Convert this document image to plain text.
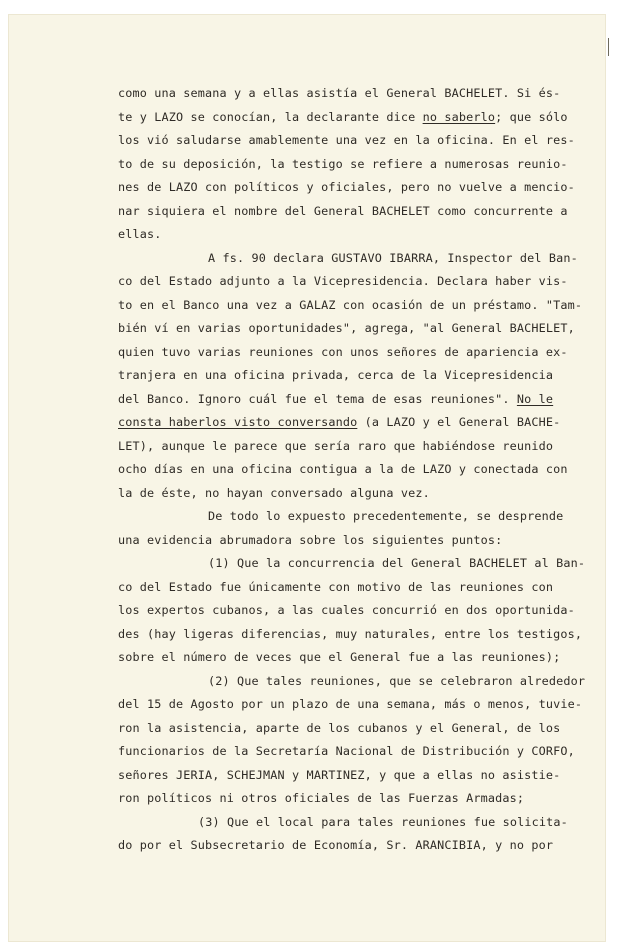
como una semana y a ellas asistía el General BACHELET. Si és-
te y LAZO se conocían, la declarante dice no saberlo; que sólo
los vió saludarse amablemente una vez en la oficina. En el res-
to de su deposición, la testigo se refiere a numerosas reunio-
nes de LAZO con políticos y oficiales, pero no vuelve a mencio-
nar siquiera el nombre del General BACHELET como concurrente a
ellas.
A fs. 90 declara GUSTAVO IBARRA, Inspector del Ban-
co del Estado adjunto a la Vicepresidencia. Declara haber vis-
to en el Banco una vez a GALAZ con ocasión de un préstamo. "Tam-
bién ví en varias oportunidades", agrega, "al General BACHELET,
quien tuvo varias reuniones con unos señores de apariencia ex-
tranjera en una oficina privada, cerca de la Vicepresidencia
del Banco. Ignoro cuál fue el tema de esas reuniones". No le
consta haberlos visto conversando (a LAZO y el General BACHE-
LET), aunque le parece que sería raro que habiéndose reunido
ocho días en una oficina contigua a la de LAZO y conectada con
la de éste, no hayan conversado alguna vez.
De todo lo expuesto precedentemente, se desprende
una evidencia abrumadora sobre los siguientes puntos:
(1) Que la concurrencia del General BACHELET al Ban-
co del Estado fue únicamente con motivo de las reuniones con
los expertos cubanos, a las cuales concurrió en dos oportunida-
des (hay ligeras diferencias, muy naturales, entre los testigos,
sobre el número de veces que el General fue a las reuniones);
(2) Que tales reuniones, que se celebraron alrededor
del 15 de Agosto por un plazo de una semana, más o menos, tuvie-
ron la asistencia, aparte de los cubanos y el General, de los
funcionarios de la Secretaría Nacional de Distribución y CORFO,
señores JERIA, SCHEJMAN y MARTINEZ, y que a ellas no asistie-
ron políticos ni otros oficiales de las Fuerzas Armadas;
(3) Que el local para tales reuniones fue solicita-
do por el Subsecretario de Economía, Sr. ARANCIBIA, y no por
